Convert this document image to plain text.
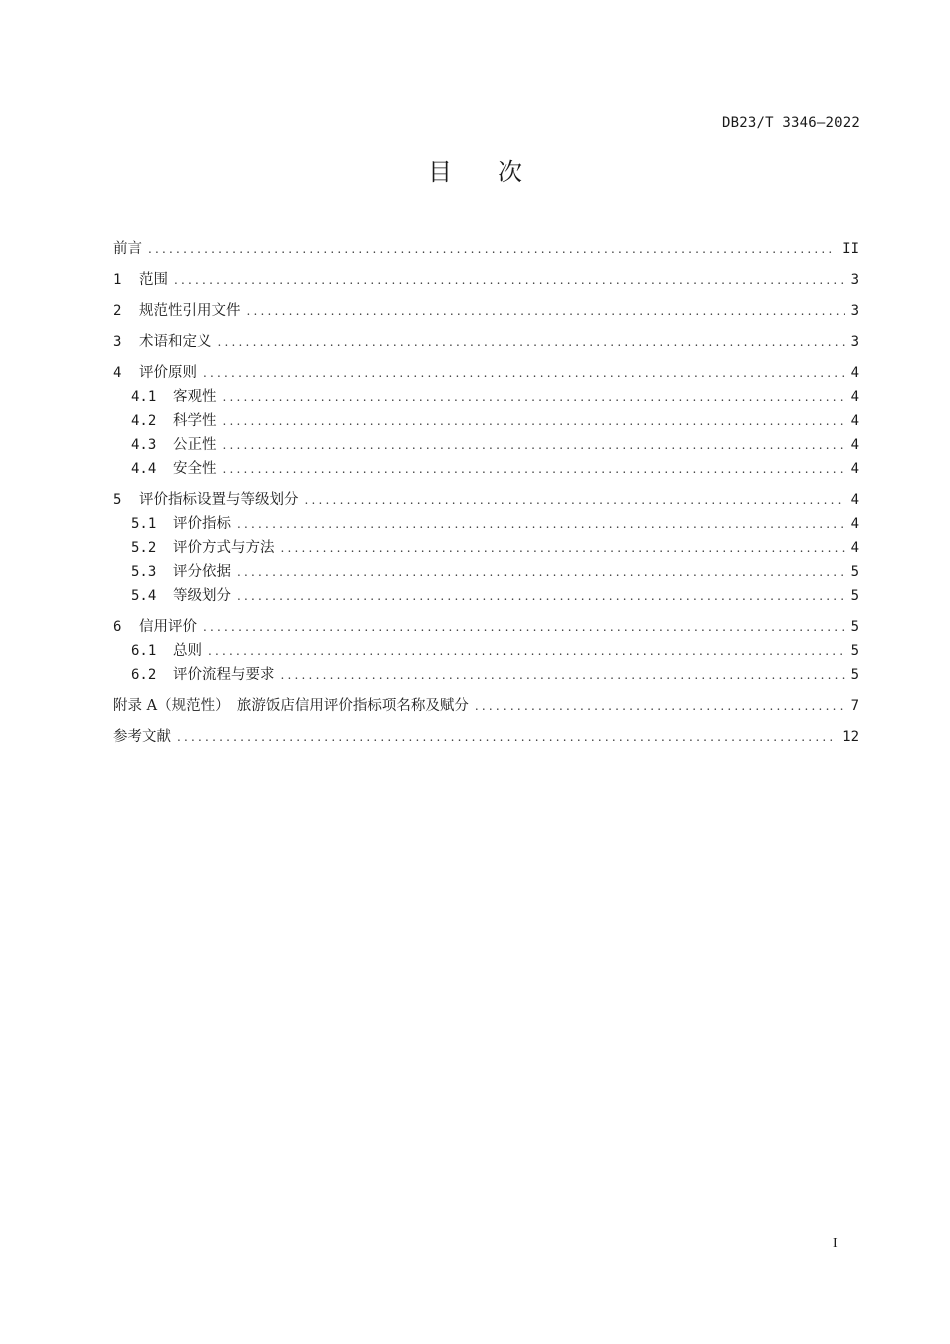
DB23/T 3346—2022
目次
前言 .....	II
1	范围 .....	3
2	规范性引用文件 .....	3
3	术语和定义 .....	3
4	评价原则 .....	4
4.1	客观性 .....	4
4.2	科学性 .....	4
4.3	公正性 .....	4
4.4	安全性 .....	4
5	评价指标设置与等级划分 .....	4
5.1	评价指标 .....	4
5.2	评价方式与方法 .....	4
5.3	评分依据 .....	5
5.4	等级划分 .....	5
6	信用评价 .....	5
6.1	总则 .....	5
6.2	评价流程与要求 .....	5
附录 A（规范性）　旅游饭店信用评价指标项名称及赋分 .....	7
参考文献 .....	12
I
